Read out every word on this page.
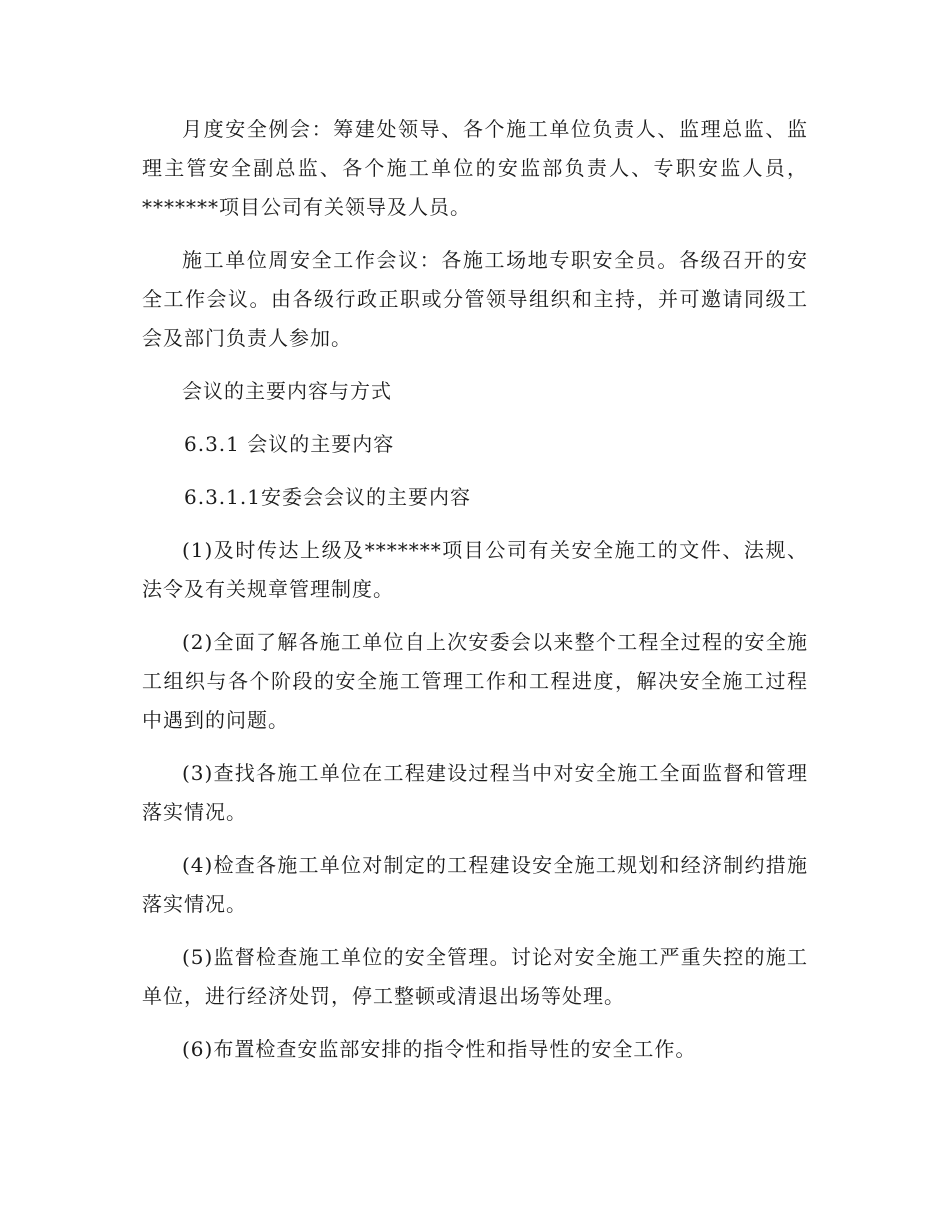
月度安全例会：筹建处领导、各个施工单位负责人、监理总监、监理主管安全副总监、各个施工单位的安监部负责人、专职安监人员，*******项目公司有关领导及人员。

施工单位周安全工作会议：各施工场地专职安全员。各级召开的安全工作会议。由各级行政正职或分管领导组织和主持，并可邀请同级工会及部门负责人参加。

会议的主要内容与方式

6.3.1 会议的主要内容

6.3.1.1安委会会议的主要内容

(1)及时传达上级及*******项目公司有关安全施工的文件、法规、法令及有关规章管理制度。

(2)全面了解各施工单位自上次安委会以来整个工程全过程的安全施工组织与各个阶段的安全施工管理工作和工程进度，解决安全施工过程中遇到的问题。

(3)查找各施工单位在工程建设过程当中对安全施工全面监督和管理落实情况。

(4)检查各施工单位对制定的工程建设安全施工规划和经济制约措施落实情况。

(5)监督检查施工单位的安全管理。讨论对安全施工严重失控的施工单位，进行经济处罚，停工整顿或清退出场等处理。

(6)布置检查安监部安排的指令性和指导性的安全工作。
